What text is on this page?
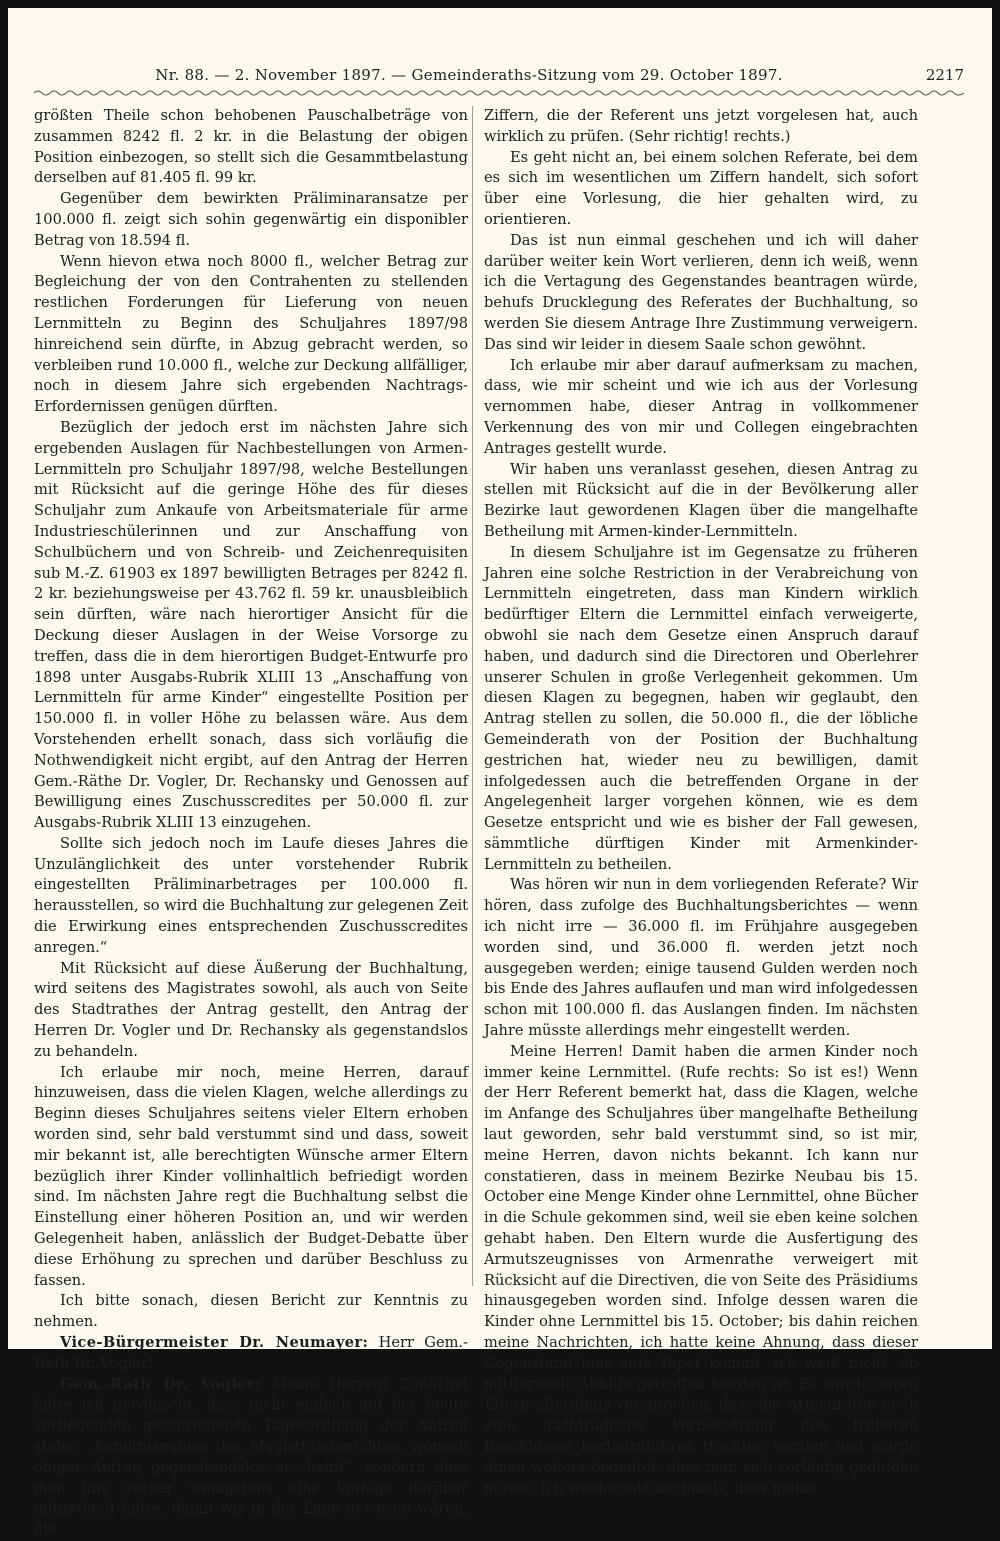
Nr. 88. — 2. November 1897. — Gemeinderaths-Sitzung vom 29. October 1897.	2217

größten Theile schon behobenen Pauschalbeträge von zusammen 8242 fl. 2 kr. in die Belastung der obigen Position einbezogen, so stellt sich die Gesammtbelastung derselben auf 81.405 fl. 99 kr.

Gegenüber dem bewirkten Präliminaransatze per 100.000 fl. zeigt sich sohin gegenwärtig ein disponibler Betrag von 18.594 fl.

Wenn hievon etwa noch 8000 fl., welcher Betrag zur Begleichung der von den Contrahenten zu stellenden restlichen Forderungen für Lieferung von neuen Lernmitteln zu Beginn des Schuljahres 1897/98 hinreichend sein dürfte, in Abzug gebracht werden, so verbleiben rund 10.000 fl., welche zur Deckung allfälliger, noch in diesem Jahre sich ergebenden Nachtrags-Erfordernissen genügen dürften.

Bezüglich der jedoch erst im nächsten Jahre sich ergebenden Auslagen für Nachbestellungen von Armen-Lernmitteln pro Schuljahr 1897/98, welche Bestellungen mit Rücksicht auf die geringe Höhe des für dieses Schuljahr zum Ankaufe von Arbeitsmateriale für arme Industrieschülerinnen und zur Anschaffung von Schulbüchern und von Schreib- und Zeichenrequisiten sub M.-Z. 61903 ex 1897 bewilligten Betrages per 8242 fl. 2 kr. beziehungsweise per 43.762 fl. 59 kr. unausbleiblich sein dürften, wäre nach hierortiger Ansicht für die Deckung dieser Auslagen in der Weise Vorsorge zu treffen, dass die in dem hierortigen Budget-Entwurfe pro 1898 unter Ausgabs-Rubrik XLIII 13 „Anschaffung von Lernmitteln für arme Kinder“ eingestellte Position per 150.000 fl. in voller Höhe zu belassen wäre. Aus dem Vorstehenden erhellt sonach, dass sich vorläufig die Nothwendigkeit nicht ergibt, auf den Antrag der Herren Gem.-Räthe Dr. Vogler, Dr. Rechansky und Genossen auf Bewilligung eines Zuschusscredites per 50.000 fl. zur Ausgabs-Rubrik XLIII 13 einzugehen.

Sollte sich jedoch noch im Laufe dieses Jahres die Unzulänglichkeit des unter vorstehender Rubrik eingestellten Präliminarbetrages per 100.000 fl. herausstellen, so wird die Buchhaltung zur gelegenen Zeit die Erwirkung eines entsprechenden Zuschusscredites anregen.“

Mit Rücksicht auf diese Äußerung der Buchhaltung, wird seitens des Magistrates sowohl, als auch von Seite des Stadtrathes der Antrag gestellt, den Antrag der Herren Dr. Vogler und Dr. Rechansky als gegenstandslos zu behandeln.

Ich erlaube mir noch, meine Herren, darauf hinzuweisen, dass die vielen Klagen, welche allerdings zu Beginn dieses Schuljahres seitens vieler Eltern erhoben worden sind, sehr bald verstummt sind und dass, soweit mir bekannt ist, alle berechtigten Wünsche armer Eltern bezüglich ihrer Kinder vollinhaltlich befriedigt worden sind. Im nächsten Jahre regt die Buchhaltung selbst die Einstellung einer höheren Position an, und wir werden Gelegenheit haben, anlässlich der Budget-Debatte über diese Erhöhung zu sprechen und darüber Beschluss zu fassen.

Ich bitte sonach, diesen Bericht zur Kenntnis zu nehmen.

Vice-Bürgermeister Dr. Neumayer: Herr Gem.-Rath Dr. Vogler!

Gem.-Rath Dr. Vogler: Meine Herren! Zunächst hätte ich gewünscht, dass nicht einfach auf der heute vorliegenden geschriebenen Tagesordnung der Antrag stehe: „Kenntnisnahme des Magistratsberichtes, wonach obiger Antrag gegenstandslos erscheint“, sondern dass man uns vorher wenigstens eine Vorlage darüber mitgetheilt hätte, damit wir in der Lage gewesen wären, die

Ziffern, die der Referent uns jetzt vorgelesen hat, auch wirklich zu prüfen. (Sehr richtig! rechts.)

Es geht nicht an, bei einem solchen Referate, bei dem es sich im wesentlichen um Ziffern handelt, sich sofort über eine Vorlesung, die hier gehalten wird, zu orientieren.

Das ist nun einmal geschehen und ich will daher darüber weiter kein Wort verlieren, denn ich weiß, wenn ich die Vertagung des Gegenstandes beantragen würde, behufs Drucklegung des Referates der Buchhaltung, so werden Sie diesem Antrage Ihre Zustimmung verweigern. Das sind wir leider in diesem Saale schon gewöhnt.

Ich erlaube mir aber darauf aufmerksam zu machen, dass, wie mir scheint und wie ich aus der Vorlesung vernommen habe, dieser Antrag in vollkommener Verkennung des von mir und Collegen eingebrachten Antrages gestellt wurde.

Wir haben uns veranlasst gesehen, diesen Antrag zu stellen mit Rücksicht auf die in der Bevölkerung aller Bezirke laut gewordenen Klagen über die mangelhafte Betheilung mit Armen-kinder-Lernmitteln.

In diesem Schuljahre ist im Gegensatze zu früheren Jahren eine solche Restriction in der Verabreichung von Lernmitteln eingetreten, dass man Kindern wirklich bedürftiger Eltern die Lernmittel einfach verweigerte, obwohl sie nach dem Gesetze einen Anspruch darauf haben, und dadurch sind die Directoren und Oberlehrer unserer Schulen in große Verlegenheit gekommen. Um diesen Klagen zu begegnen, haben wir geglaubt, den Antrag stellen zu sollen, die 50.000 fl., die der löbliche Gemeinderath von der Position der Buchhaltung gestrichen hat, wieder neu zu bewilligen, damit infolgedessen auch die betreffenden Organe in der Angelegenheit larger vorgehen können, wie es dem Gesetze entspricht und wie es bisher der Fall gewesen, sämmtliche dürftigen Kinder mit Armenkinder-Lernmitteln zu betheilen.

Was hören wir nun in dem vorliegenden Referate? Wir hören, dass zufolge des Buchhaltungsberichtes — wenn ich nicht irre — 36.000 fl. im Frühjahre ausgegeben worden sind, und 36.000 fl. werden jetzt noch ausgegeben werden; einige tausend Gulden werden noch bis Ende des Jahres auflaufen und man wird infolgedessen schon mit 100.000 fl. das Auslangen finden. Im nächsten Jahre müsste allerdings mehr eingestellt werden.

Meine Herren! Damit haben die armen Kinder noch immer keine Lernmittel. (Rufe rechts: So ist es!) Wenn der Herr Referent bemerkt hat, dass die Klagen, welche im Anfange des Schuljahres über mangelhafte Betheilung laut geworden, sehr bald verstummt sind, so ist mir, meine Herren, davon nichts bekannt. Ich kann nur constatieren, dass in meinem Bezirke Neubau bis 15. October eine Menge Kinder ohne Lernmittel, ohne Bücher in die Schule gekommen sind, weil sie eben keine solchen gehabt haben. Den Eltern wurde die Ausfertigung des Armutszeugnisses von Armenrathe verweigert mit Rücksicht auf die Directiven, die von Seite des Präsidiums hinausgegeben worden sind. Infolge dessen waren die Kinder ohne Lernmittel bis 15. October; bis dahin reichen meine Nachrichten, ich hatte keine Ahnung, dass dieser Gegenstand hier aufs Tapet kommt, ich weiß nicht, ob mittlerweile Abhilfe getroffen worden ist. Es wurde deren Eltern allerdings versprochen, dass die Armenräthe noch eine nachträgliche Verbesserung des früheren Beschlusses herbeizuführen trachten werden und wurde ihnen weiters bedeutet, dass man sich vorläufig gedulden müsse. Ich wiederhole nochmals, dass meine
